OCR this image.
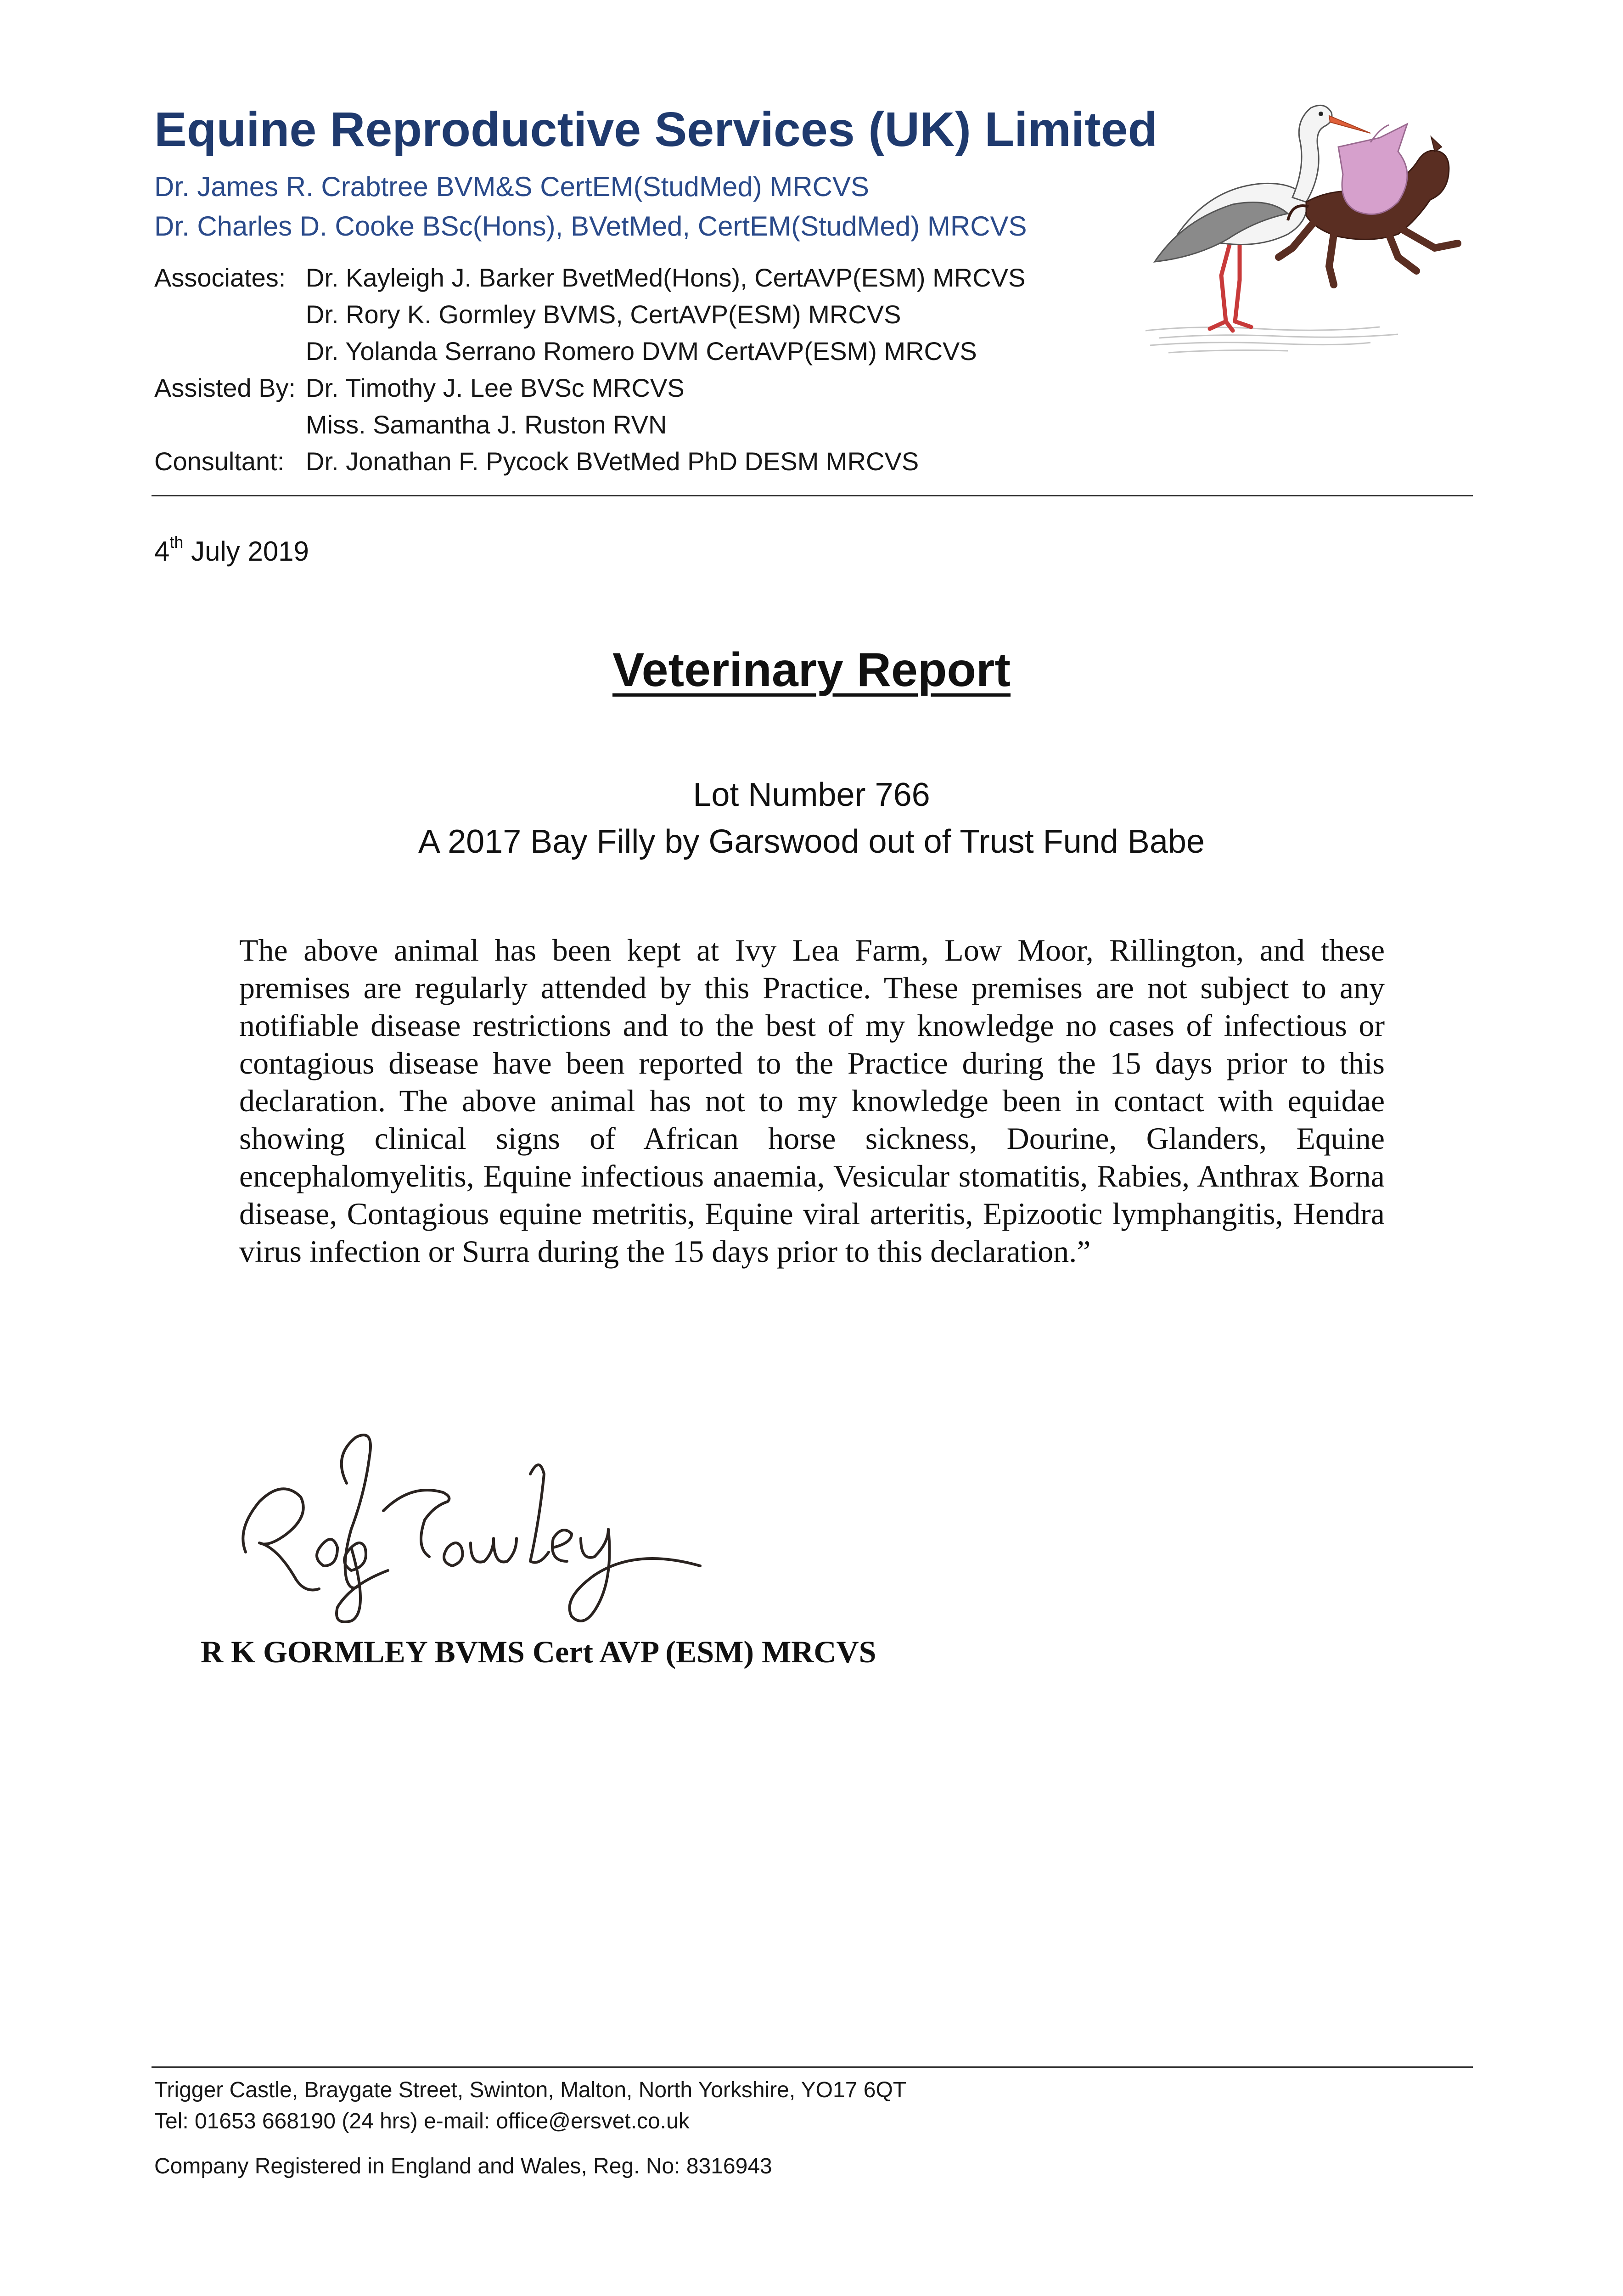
Equine Reproductive Services (UK) Limited
Dr. James R. Crabtree BVM&S CertEM(StudMed) MRCVS
Dr. Charles D. Cooke BSc(Hons), BVetMed, CertEM(StudMed) MRCVS
Associates: Dr. Kayleigh J. Barker BvetMed(Hons), CertAVP(ESM) MRCVS
Dr. Rory K. Gormley BVMS, CertAVP(ESM) MRCVS
Dr. Yolanda Serrano Romero DVM CertAVP(ESM) MRCVS
Assisted By: Dr. Timothy J. Lee BVSc MRCVS
Miss. Samantha J. Ruston RVN
Consultant: Dr. Jonathan F. Pycock BVetMed PhD DESM MRCVS
4th July 2019
Veterinary Report
Lot Number 766
A 2017 Bay Filly by Garswood out of Trust Fund Babe
The above animal has been kept at Ivy Lea Farm, Low Moor, Rillington, and these premises are regularly attended by this Practice. These premises are not subject to any notifiable disease restrictions and to the best of my knowledge no cases of infectious or contagious disease have been reported to the Practice during the 15 days prior to this declaration. The above animal has not to my knowledge been in contact with equidae showing clinical signs of African horse sickness, Dourine, Glanders, Equine encephalomyelitis, Equine infectious anaemia, Vesicular stomatitis, Rabies, Anthrax Borna disease, Contagious equine metritis, Equine viral arteritis, Epizootic lymphangitis, Hendra virus infection or Surra during the 15 days prior to this declaration.”
R K GORMLEY BVMS Cert AVP (ESM) MRCVS
Trigger Castle, Braygate Street, Swinton, Malton, North Yorkshire, YO17 6QT
Tel: 01653 668190 (24 hrs) e-mail: office@ersvet.co.uk
Company Registered in England and Wales, Reg. No: 8316943
